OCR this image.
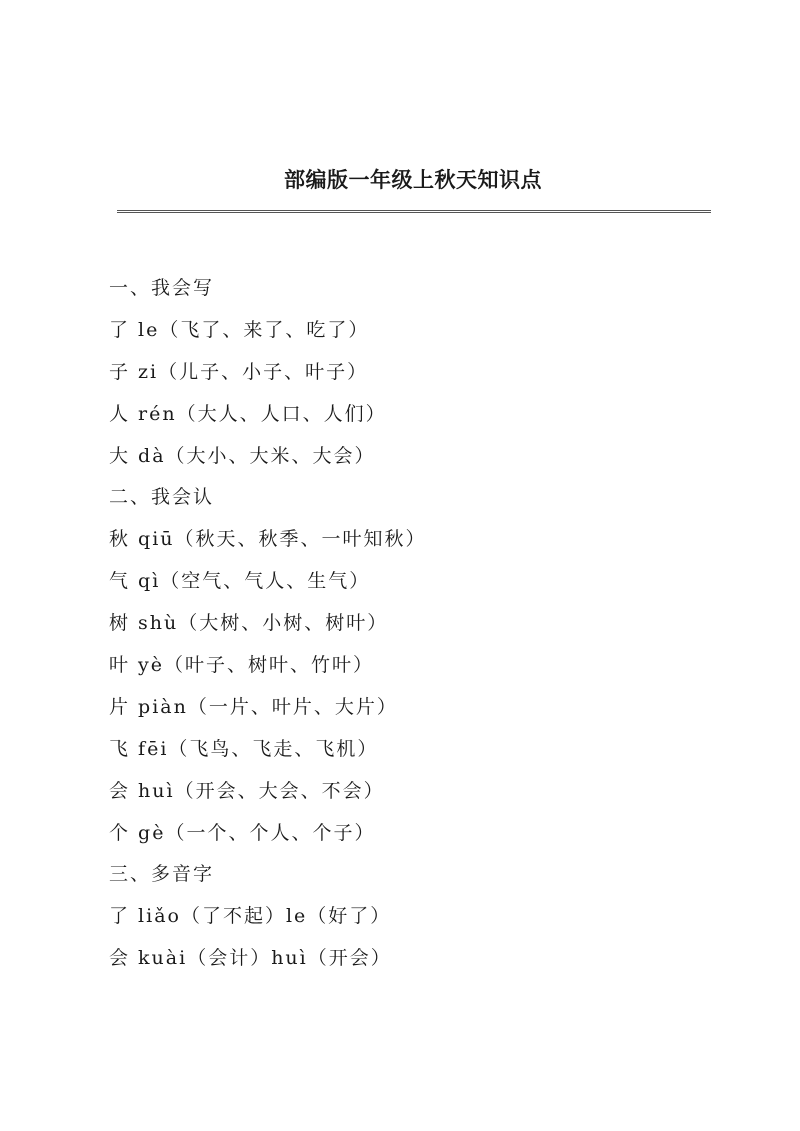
部编版一年级上秋天知识点
一、我会写
了 le（飞了、来了、吃了）
子 zi（儿子、小子、叶子）
人 rén（大人、人口、人们）
大 dà（大小、大米、大会）
二、我会认
秋 qiū（秋天、秋季、一叶知秋）
气 qì（空气、气人、生气）
树 shù（大树、小树、树叶）
叶 yè（叶子、树叶、竹叶）
片 piàn（一片、叶片、大片）
飞 fēi（飞鸟、飞走、飞机）
会 huì（开会、大会、不会）
个 gè（一个、个人、个子）
三、多音字
了 liǎo（了不起）le（好了）
会 kuài（会计）huì（开会）
